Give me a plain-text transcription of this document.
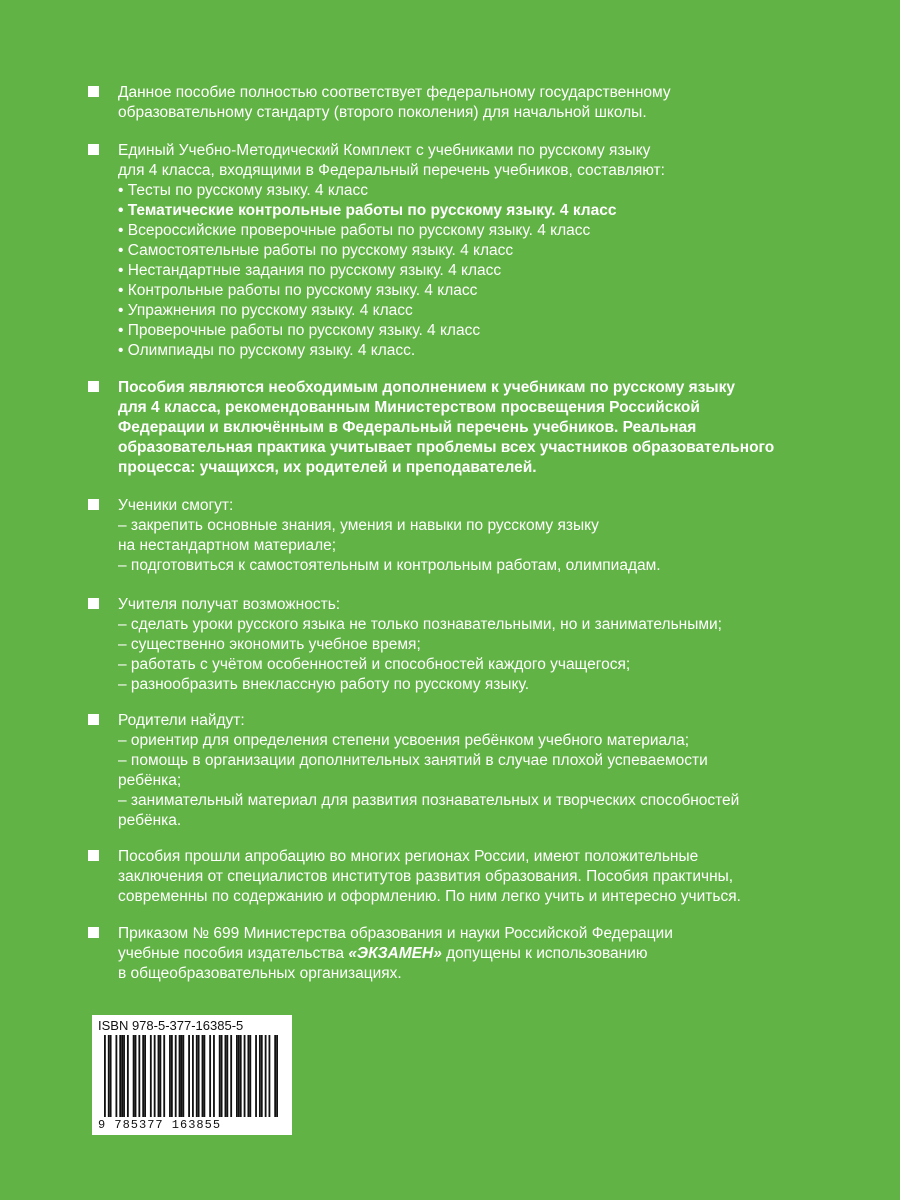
Данное пособие полностью соответствует федеральному государственному
образовательному стандарту (второго поколения) для начальной школы.
Единый Учебно-Методический Комплект с учебниками по русскому языку
для 4 класса, входящими в Федеральный перечень учебников, составляют:
• Тесты по русскому языку. 4 класс
• Тематические контрольные работы по русскому языку. 4 класс
• Всероссийские проверочные работы по русскому языку. 4 класс
• Самостоятельные работы по русскому языку. 4 класс
• Нестандартные задания по русскому языку. 4 класс
• Контрольные работы по русскому языку. 4 класс
• Упражнения по русскому языку. 4 класс
• Проверочные работы по русскому языку. 4 класс
• Олимпиады по русскому языку. 4 класс.
Пособия являются необходимым дополнением к учебникам по русскому языку
для 4 класса, рекомендованным Министерством просвещения Российской
Федерации и включённым в Федеральный перечень учебников. Реальная
образовательная практика учитывает проблемы всех участников образовательного
процесса: учащихся, их родителей и преподавателей.
Ученики смогут:
– закрепить основные знания, умения и навыки по русскому языку
на нестандартном материале;
– подготовиться к самостоятельным и контрольным работам, олимпиадам.
Учителя получат возможность:
– сделать уроки русского языка не только познавательными, но и занимательными;
– существенно экономить учебное время;
– работать с учётом особенностей и способностей каждого учащегося;
– разнообразить внеклассную работу по русскому языку.
Родители найдут:
– ориентир для определения степени усвоения ребёнком учебного материала;
– помощь в организации дополнительных занятий в случае плохой успеваемости
ребёнка;
– занимательный материал для развития познавательных и творческих способностей
ребёнка.
Пособия прошли апробацию во многих регионах России, имеют положительные
заключения от специалистов институтов развития образования. Пособия практичны,
современны по содержанию и оформлению. По ним легко учить и интересно учиться.
Приказом № 699 Министерства образования и науки Российской Федерации
учебные пособия издательства «ЭКЗАМЕН» допущены к использованию
в общеобразовательных организациях.
ISBN 978-5-377-16385-5
9 785377 163855
